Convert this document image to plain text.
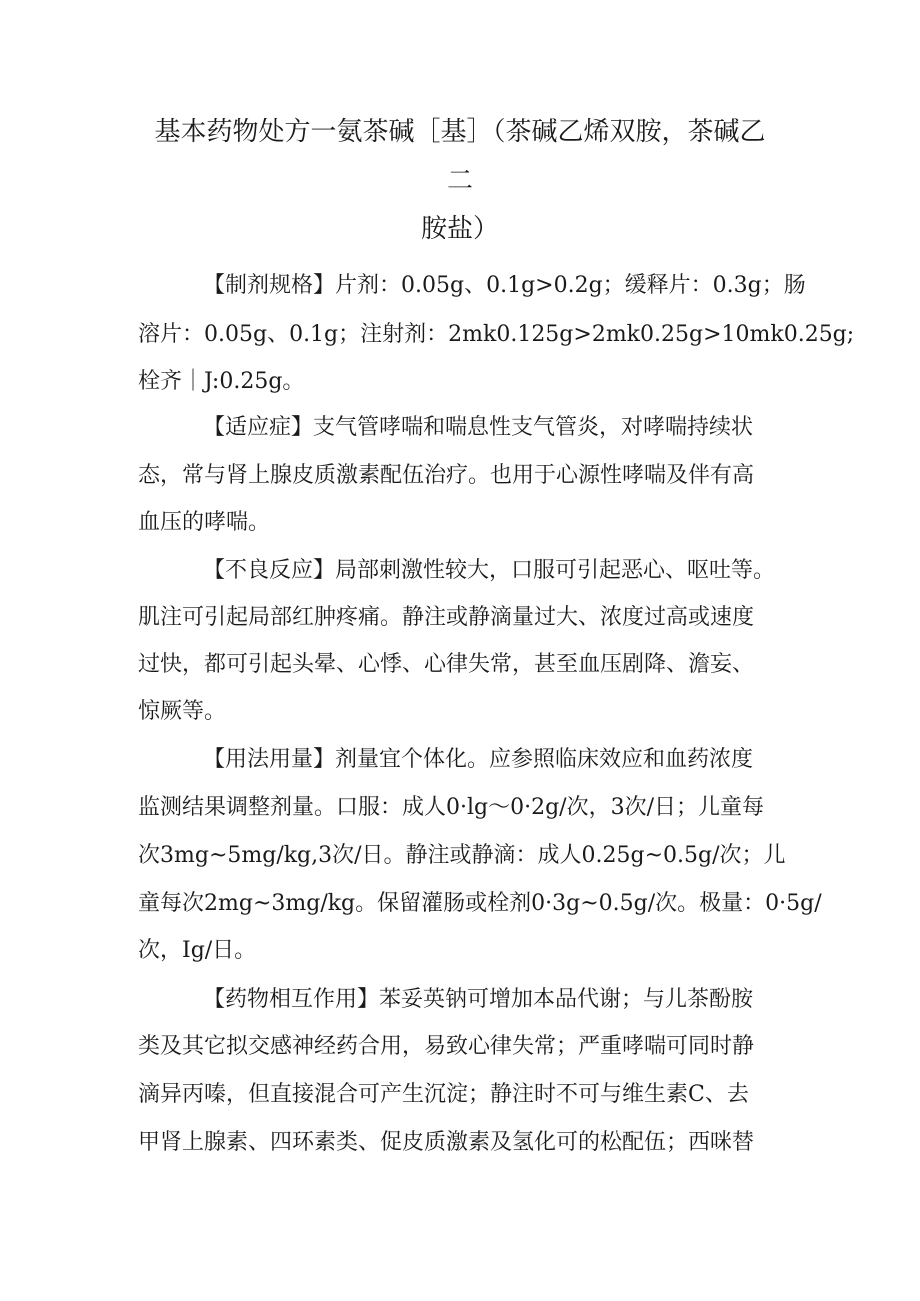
基本药物处方一氨茶碱［基］（茶碱乙烯双胺，茶碱乙
二
胺盐）

【制剂规格】片剂：0.05g、0.1g>0.2g；缓释片：0.3g；肠

溶片：0.05g、0.1g；注射剂：2mk0.125g>2mk0.25g>10mk0.25g;

栓齐｜J:0.25g。

【适应症】支气管哮喘和喘息性支气管炎，对哮喘持续状

态，常与肾上腺皮质激素配伍治疗。也用于心源性哮喘及伴有高

血压的哮喘。

【不良反应】局部刺激性较大，口服可引起恶心、呕吐等。

肌注可引起局部红肿疼痛。静注或静滴量过大、浓度过高或速度

过快，都可引起头晕、心悸、心律失常，甚至血压剧降、澹妄、

惊厥等。

【用法用量】剂量宜个体化。应参照临床效应和血药浓度

监测结果调整剂量。口服：成人0·lg～0·2g/次，3次/日；儿童每

次3mg~5mg/kg,3次/日。静注或静滴：成人0.25g~0.5g/次；儿

童每次2mg~3mg/kg。保留灌肠或栓剂0·3g~0.5g/次。极量：0·5g/

次，Ig/日。

【药物相互作用】苯妥英钠可增加本品代谢；与儿茶酚胺

类及其它拟交感神经药合用，易致心律失常；严重哮喘可同时静

滴异丙嗪，但直接混合可产生沉淀；静注时不可与维生素C、去

甲肾上腺素、四环素类、促皮质激素及氢化可的松配伍；西咪替
